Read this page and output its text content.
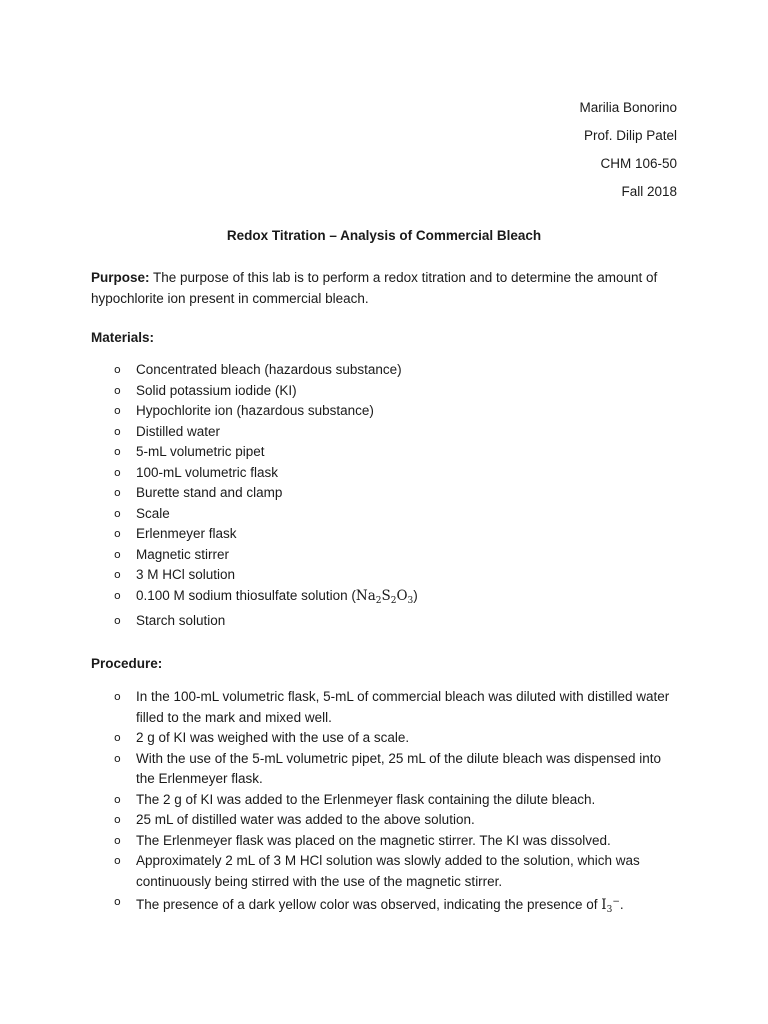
Marilia Bonorino
Prof. Dilip Patel
CHM 106-50
Fall 2018
Redox Titration – Analysis of Commercial Bleach
Purpose: The purpose of this lab is to perform a redox titration and to determine the amount of hypochlorite ion present in commercial bleach.
Materials:
o Concentrated bleach (hazardous substance)
o Solid potassium iodide (KI)
o Hypochlorite ion (hazardous substance)
o Distilled water
o 5-mL volumetric pipet
o 100-mL volumetric flask
o Burette stand and clamp
o Scale
o Erlenmeyer flask
o Magnetic stirrer
o 3 M HCl solution
o 0.100 M sodium thiosulfate solution $(Na_2S_2O_3)$
o Starch solution
Procedure:
o In the 100-mL volumetric flask, 5-mL of commercial bleach was diluted with distilled water filled to the mark and mixed well.
o 2 g of KI was weighed with the use of a scale.
o With the use of the 5-mL volumetric pipet, 25 mL of the dilute bleach was dispensed into the Erlenmeyer flask.
o The 2 g of KI was added to the Erlenmeyer flask containing the dilute bleach.
o 25 mL of distilled water was added to the above solution.
o The Erlenmeyer flask was placed on the magnetic stirrer. The KI was dissolved.
o Approximately 2 mL of 3 M HCl solution was slowly added to the solution, which was continuously being stirred with the use of the magnetic stirrer.
o The presence of a dark yellow color was observed, indicating the presence of $I_3^-$.
